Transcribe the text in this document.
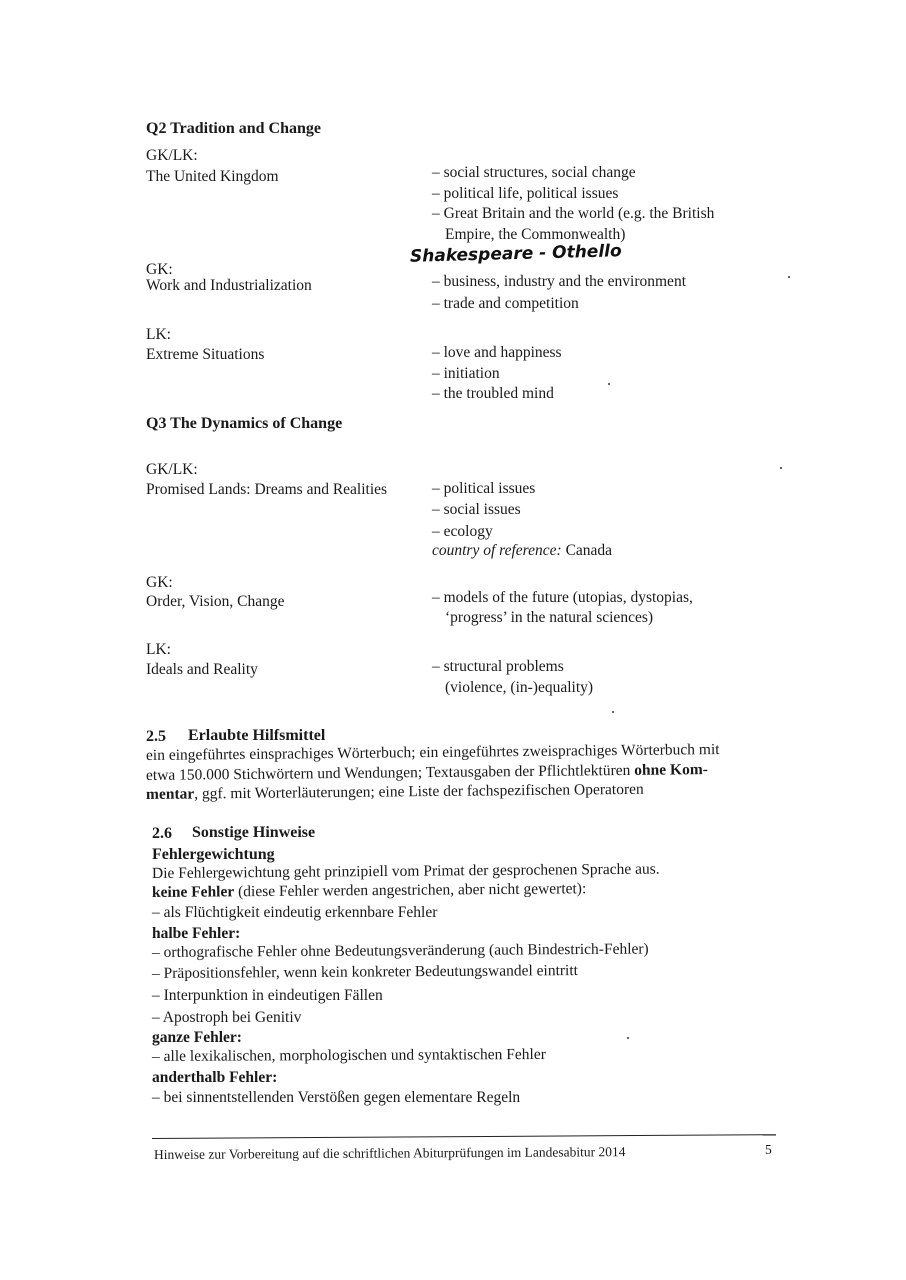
Q2 Tradition and Change
GK/LK:
The United Kingdom	– social structures, social change
– political life, political issues
– Great Britain and the world (e.g. the British
Empire, the Commonwealth)
Shakespeare - Othello
GK:
Work and Industrialization	– business, industry and the environment
– trade and competition
LK:
Extreme Situations	– love and happiness
– initiation
– the troubled mind
Q3 The Dynamics of Change
GK/LK:
Promised Lands: Dreams and Realities	– political issues
– social issues
– ecology
country of reference: Canada
GK:
Order, Vision, Change	– models of the future (utopias, dystopias,
‘progress’ in the natural sciences)
LK:
Ideals and Reality	– structural problems
(violence, (in-)equality)
2.5 Erlaubte Hilfsmittel
ein eingeführtes einsprachiges Wörterbuch; ein eingeführtes zweisprachiges Wörterbuch mit
etwa 150.000 Stichwörtern und Wendungen; Textausgaben der Pflichtlektüren ohne Kom-
mentar, ggf. mit Worterläuterungen; eine Liste der fachspezifischen Operatoren
2.6 Sonstige Hinweise
Fehlergewichtung
Die Fehlergewichtung geht prinzipiell vom Primat der gesprochenen Sprache aus.
keine Fehler (diese Fehler werden angestrichen, aber nicht gewertet):
– als Flüchtigkeit eindeutig erkennbare Fehler
halbe Fehler:
– orthografische Fehler ohne Bedeutungsveränderung (auch Bindestrich-Fehler)
– Präpositionsfehler, wenn kein konkreter Bedeutungswandel eintritt
– Interpunktion in eindeutigen Fällen
– Apostroph bei Genitiv
ganze Fehler:
– alle lexikalischen, morphologischen und syntaktischen Fehler
anderthalb Fehler:
– bei sinnentstellenden Verstößen gegen elementare Regeln
Hinweise zur Vorbereitung auf die schriftlichen Abiturprüfungen im Landesabitur 2014	5
